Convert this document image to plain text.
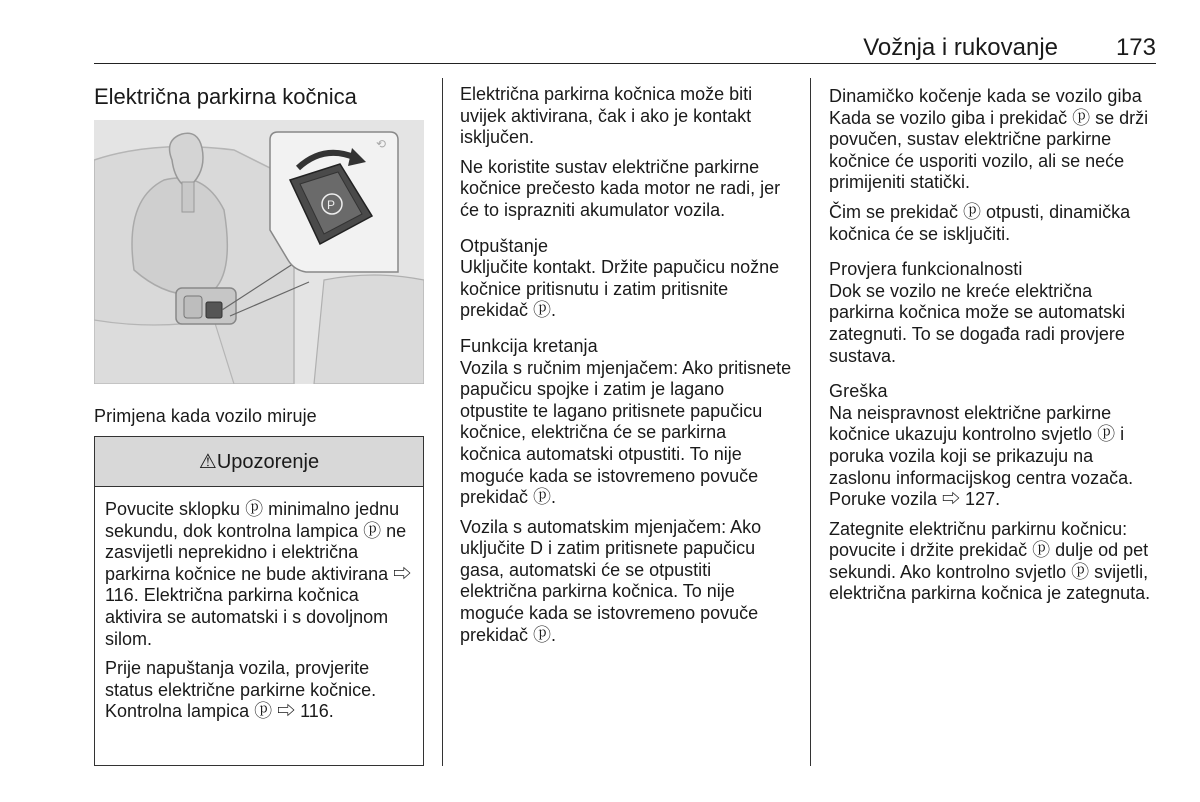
Vožnja i rukovanje 173
Električna parkirna kočnica
P
⟲
Primjena kada vozilo miruje
⚠Upozorenje

Povucite sklopku ⓟ minimalno jednu sekundu, dok kontrolna lampica ⓟ ne zasvijetli neprekidno i električna parkirna kočnice ne bude aktivirana ⇨ 116. Električna parkirna kočnica aktivira se automatski i s dovoljnom silom.

Prije napuštanja vozila, provjerite status električne parkirne kočnice. Kontrolna lampica ⓟ ⇨ 116.

Električna parkirna kočnica može biti uvijek aktivirana, čak i ako je kontakt isključen.

Ne koristite sustav električne parkirne kočnice prečesto kada motor ne radi, jer će to isprazniti akumulator vozila.

Otpuštanje

Uključite kontakt. Držite papučicu nožne kočnice pritisnutu i zatim pritisnite prekidač ⓟ.

Funkcija kretanja

Vozila s ručnim mjenjačem: Ako pritisnete papučicu spojke i zatim je lagano otpustite te lagano pritisnete papučicu kočnice, električna će se parkirna kočnica automatski otpustiti. To nije moguće kada se istovremeno povuče prekidač ⓟ.

Vozila s automatskim mjenjačem: Ako uključite D i zatim pritisnete papučicu gasa, automatski će se otpustiti električna parkirna kočnica. To nije moguće kada se istovremeno povuče prekidač ⓟ.

Dinamičko kočenje kada se vozilo giba

Kada se vozilo giba i prekidač ⓟ se drži povučen, sustav električne parkirne kočnice će usporiti vozilo, ali se neće primijeniti statički.

Čim se prekidač ⓟ otpusti, dinamička kočnica će se isključiti.

Provjera funkcionalnosti

Dok se vozilo ne kreće električna parkirna kočnica može se automatski zategnuti. To se događa radi provjere sustava.

Greška

Na neispravnost električne parkirne kočnice ukazuju kontrolno svjetlo ⓟ i poruka vozila koji se prikazuju na zaslonu informacijskog centra vozača. Poruke vozila ⇨ 127.

Zategnite električnu parkirnu kočnicu: povucite i držite prekidač ⓟ dulje od pet sekundi. Ako kontrolno svjetlo ⓟ svijetli, električna parkirna kočnica je zategnuta.
